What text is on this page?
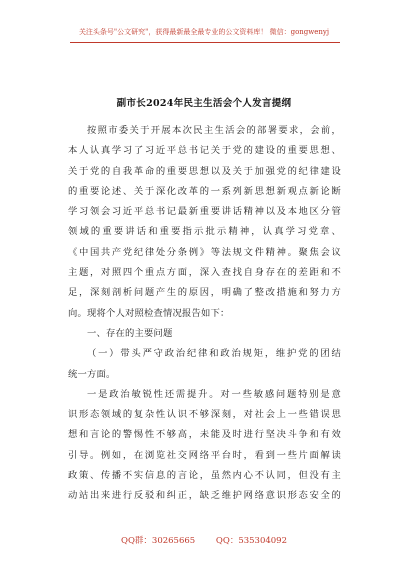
关注头条号"公文研究"，获得最新最全最专业的公文资料库！ 微信：gongwenyj
副市长2024年民主生活会个人发言提纲
按照市委关于开展本次民主生活会的部署要求，会前，
本人认真学习了习近平总书记关于党的建设的重要思想、
关于党的自我革命的重要思想以及关于加强党的纪律建设
的重要论述、关于深化改革的一系列新思想新观点新论断
学习领会习近平总书记最新重要讲话精神以及本地区分管
领域的重要讲话和重要指示批示精神，认真学习党章、
《中国共产党纪律处分条例》等法规文件精神。聚焦会议
主题，对照四个重点方面，深入查找自身存在的差距和不
足，深刻剖析问题产生的原因，明确了整改措施和努力方
向。现将个人对照检查情况报告如下：
一、存在的主要问题
（一）带头严守政治纪律和政治规矩，维护党的团结
统一方面。
一是政治敏锐性还需提升。对一些敏感问题特别是意
识形态领域的复杂性认识不够深刻，对社会上一些错误思
想和言论的警惕性不够高，未能及时进行坚决斗争和有效
引导。例如，在浏览社交网络平台时，看到一些片面解读
政策、传播不实信息的言论，虽然内心不认同，但没有主
动站出来进行反驳和纠正，缺乏维护网络意识形态安全的
QQ群：30265665 QQ：535304092
